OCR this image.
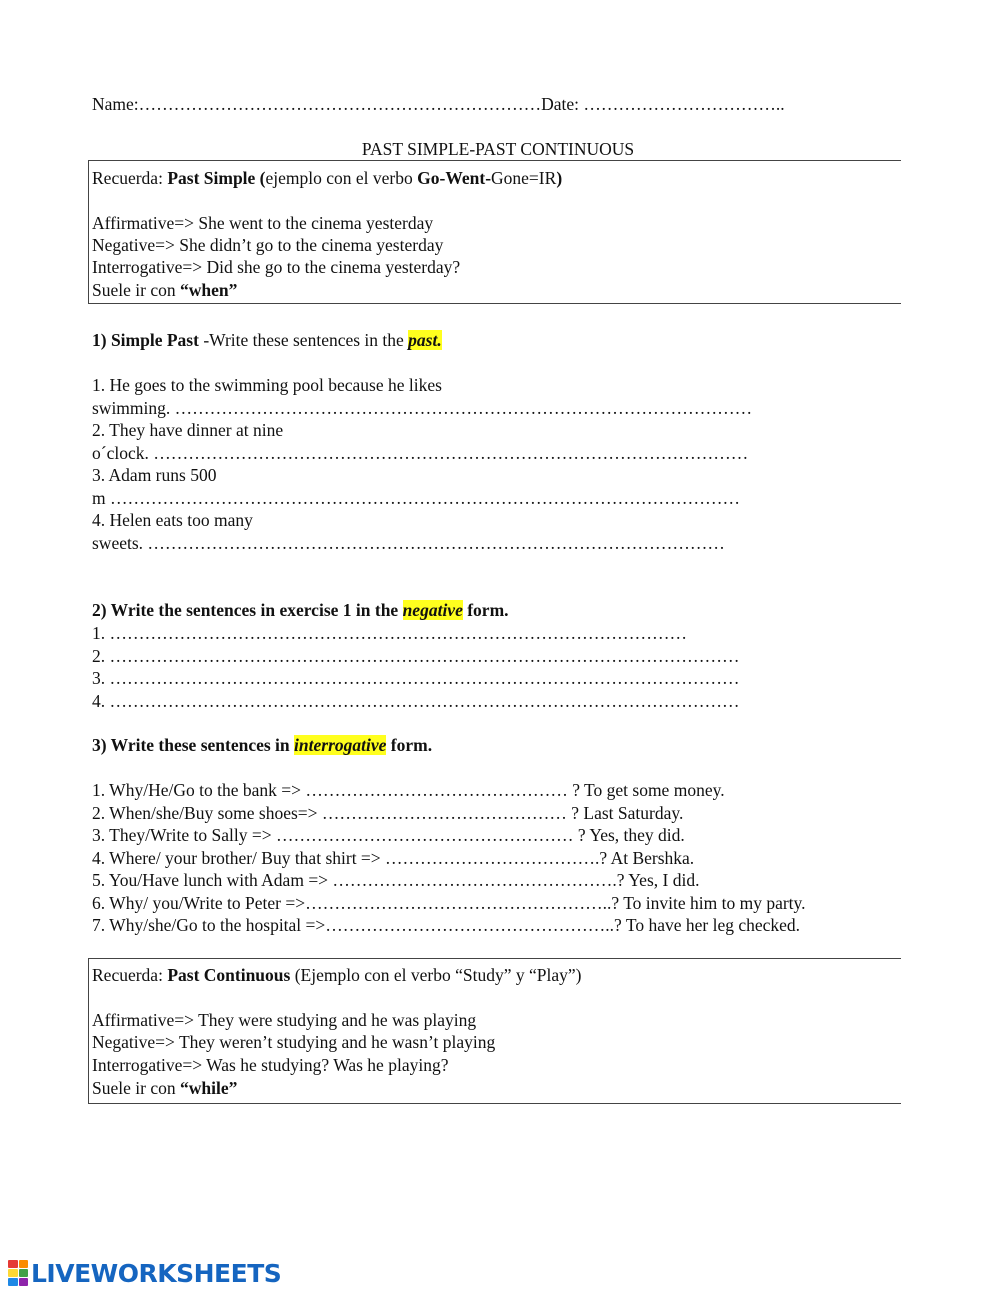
Name:……………………………………………………………Date: ……………………………..
PAST SIMPLE-PAST CONTINUOUS
Recuerda: Past Simple (ejemplo con el verbo Go-Went-Gone=IR)
Affirmative=> She went to the cinema yesterday
Negative=> She didn’t go to the cinema yesterday
Interrogative=> Did she go to the cinema yesterday?
Suele ir con “when”
1) Simple Past -Write these sentences in the past.
1. He goes to the swimming pool because he likes
swimming. ………………………………………………………………………………………
2. They have dinner at nine
o´clock. …………………………………………………………………………………………
3. Adam runs 500
m ………………………………………………………………………………………………
4. Helen eats too many
sweets. ………………………………………………………………………………………
2) Write the sentences in exercise 1 in the negative form.
1. ………………………………………………………………………………………
2. ………………………………………………………………………………………………
3. ………………………………………………………………………………………………
4. ………………………………………………………………………………………………
3) Write these sentences in interrogative form.
1. Why/He/Go to the bank => ……………………………………… ? To get some money.
2. When/she/Buy some shoes=> …………………………………… ? Last Saturday.
3. They/Write to Sally => …………………………………………… ? Yes, they did.
4. Where/ your brother/ Buy that shirt => ……………………………….? At Bershka.
5. You/Have lunch with Adam => ………………………………………….? Yes, I did.
6. Why/ you/Write to Peter =>……………………………………………..? To invite him to my party.
7. Why/she/Go to the hospital =>…………………………………………..? To have her leg checked.
Recuerda: Past Continuous (Ejemplo con el verbo “Study” y “Play”)
Affirmative=> They were studying and he was playing
Negative=> They weren’t studying and he wasn’t playing
Interrogative=> Was he studying? Was he playing?
Suele ir con “while”
LIVEWORKSHEETS
